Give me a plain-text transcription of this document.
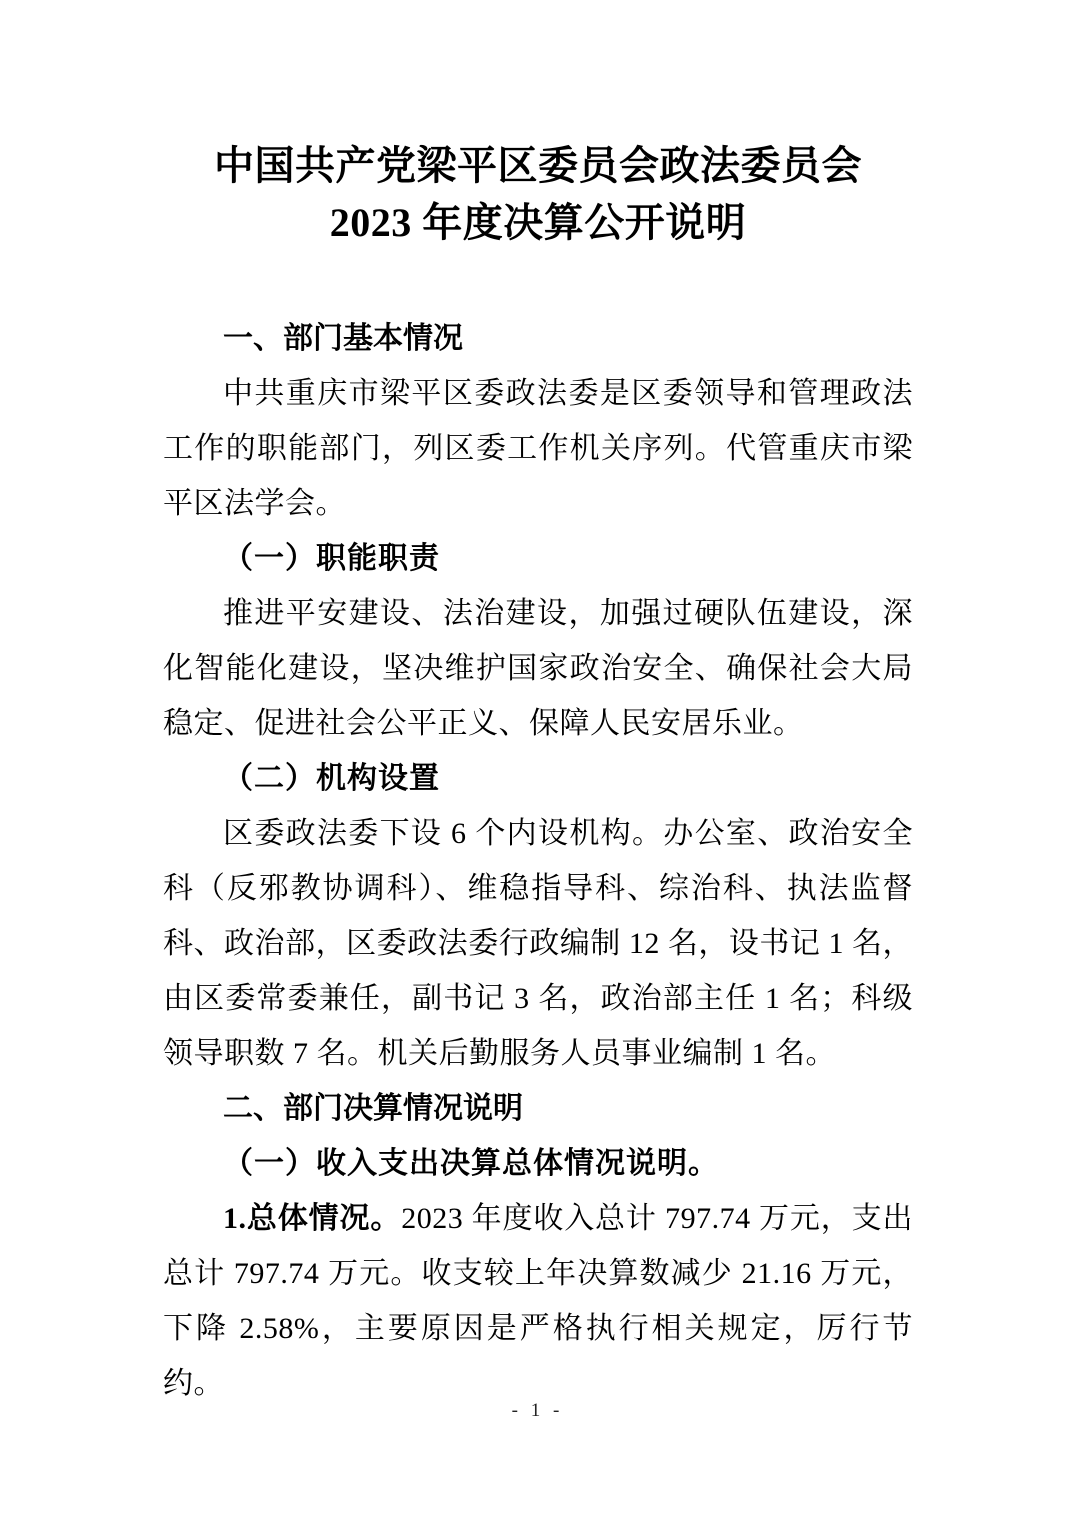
中国共产党梁平区委员会政法委员会
2023 年度决算公开说明
一、部门基本情况

中共重庆市梁平区委政法委是区委领导和管理政法工作的职能部门，列区委工作机关序列。代管重庆市梁平区法学会。

（一）职能职责

推进平安建设、法治建设，加强过硬队伍建设，深化智能化建设，坚决维护国家政治安全、确保社会大局稳定、促进社会公平正义、保障人民安居乐业。

（二）机构设置

区委政法委下设 6 个内设机构。办公室、政治安全科（反邪教协调科）、维稳指导科、综治科、执法监督科、政治部，区委政法委行政编制 12 名，设书记 1 名，由区委常委兼任，副书记 3 名，政治部主任 1 名；科级领导职数 7 名。机关后勤服务人员事业编制 1 名。

二、部门决算情况说明
（一）收入支出决算总体情况说明。

1.总体情况。2023 年度收入总计 797.74 万元，支出总计 797.74 万元。收支较上年决算数减少 21.16 万元，下降 2.58%，主要原因是严格执行相关规定，厉行节约。

- 1 -
